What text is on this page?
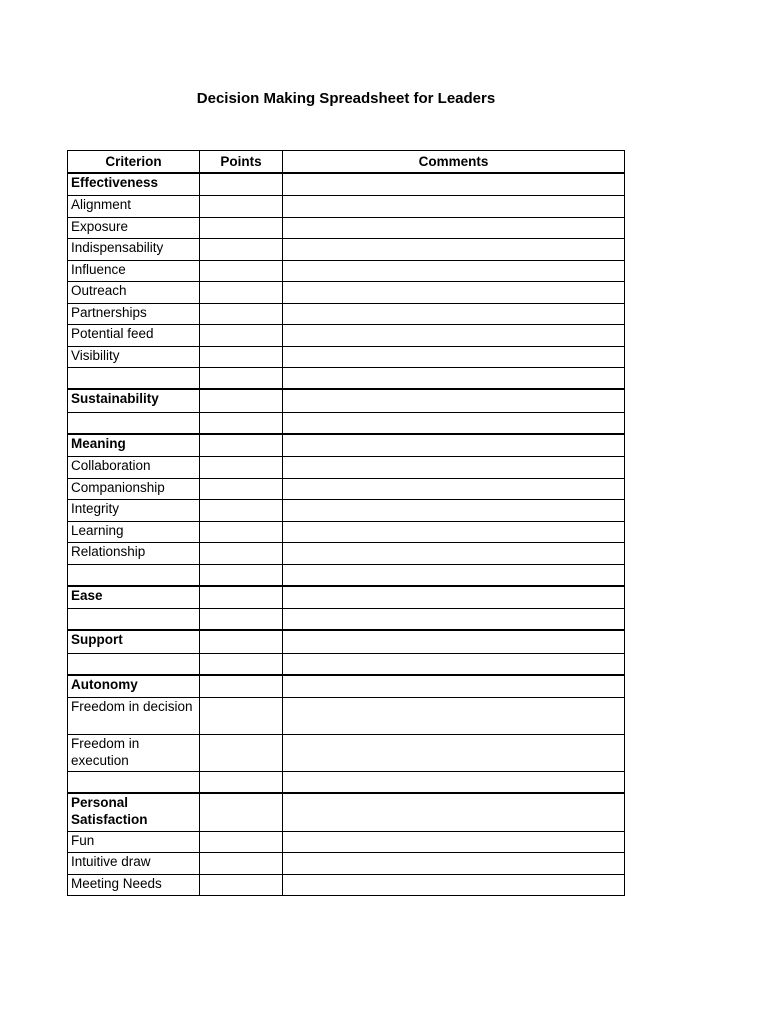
Decision Making Spreadsheet for Leaders
Criterion	Points	Comments
Effectiveness		
Alignment		
Exposure		
Indispensability		
Influence		
Outreach		
Partnerships		
Potential feed		
Visibility		

Sustainability		

Meaning		
Collaboration		
Companionship		
Integrity		
Learning		
Relationship		

Ease		

Support		

Autonomy		
Freedom in decision		
Freedom in execution		

Personal Satisfaction		
Fun		
Intuitive draw		
Meeting Needs		
